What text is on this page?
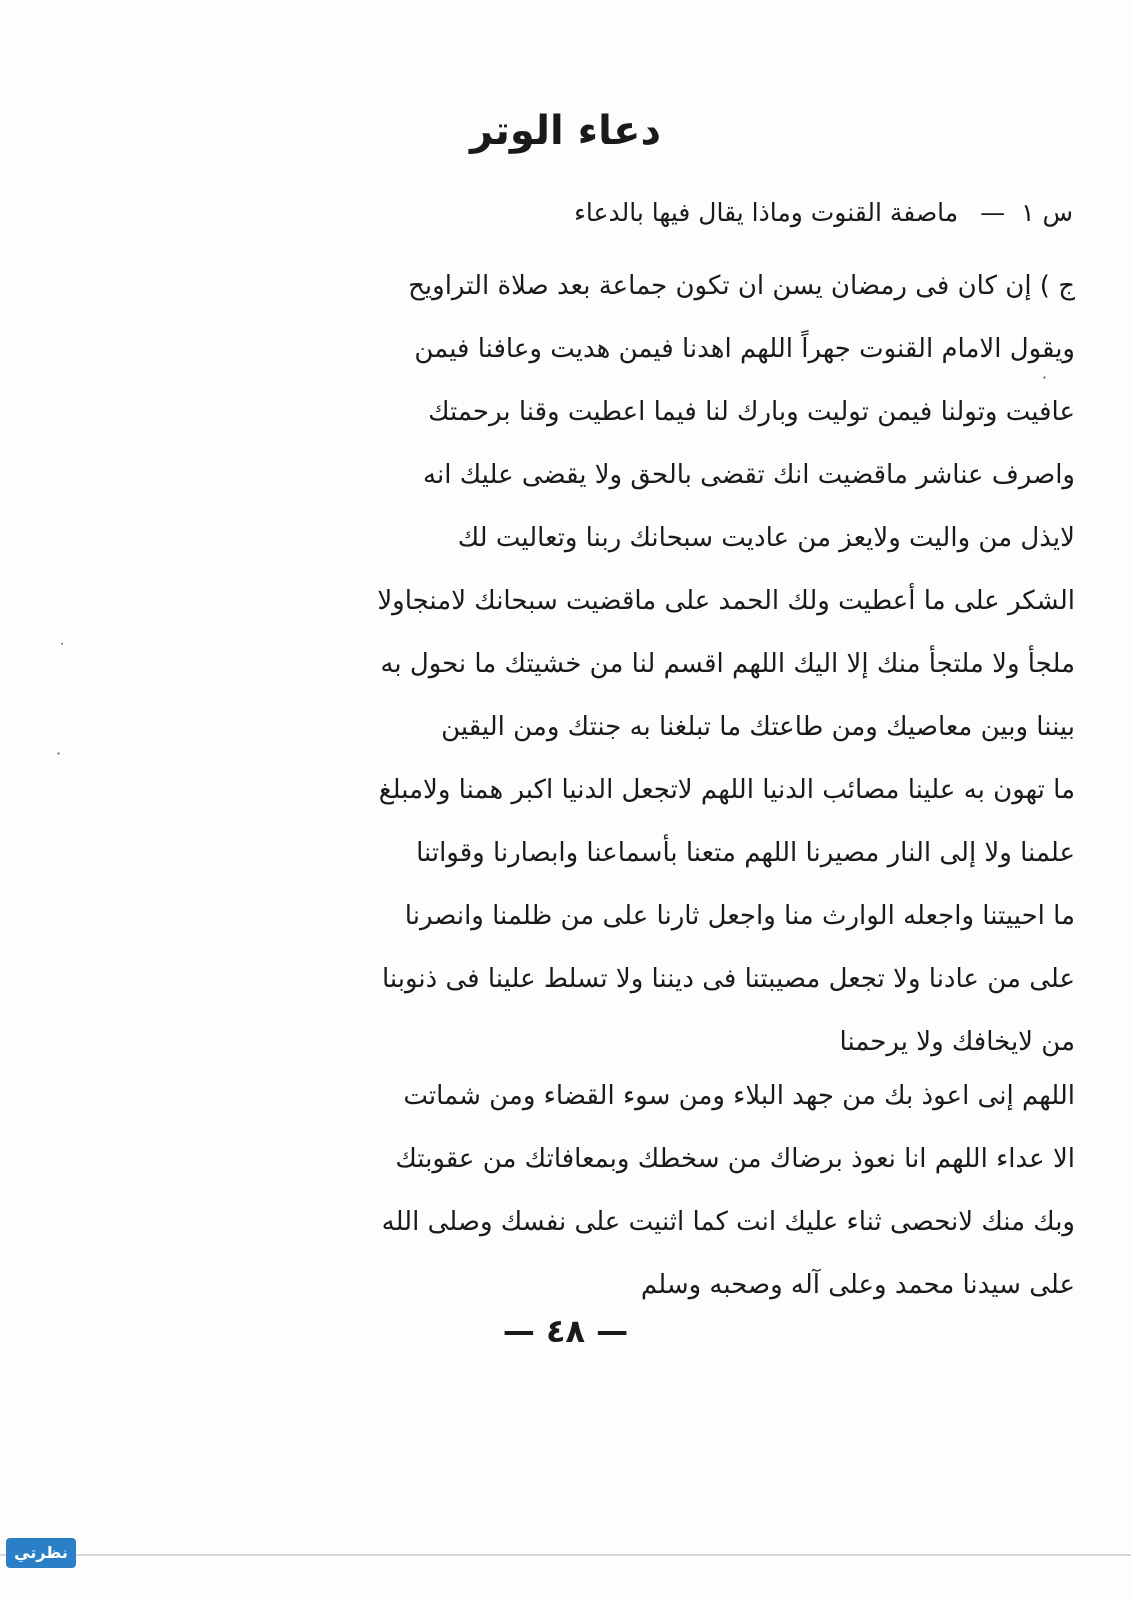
دعاء الوتر
س ١ — ماصفة القنوت وماذا يقال فيها بالدعاء
ج ) إن كان فى رمضان يسن ان تكون جماعة بعد صلاة التراويح
ويقول الامام القنوت جهراً اللهم اهدنا فيمن هديت وعافنا فيمن
عافيت وتولنا فيمن توليت وبارك لنا فيما اعطيت وقنا برحمتك
واصرف عناشر ماقضيت انك تقضى بالحق ولا يقضى عليك انه
لايذل من واليت ولايعز من عاديت سبحانك ربنا وتعاليت لك
الشكر على ما أعطيت ولك الحمد على ماقضيت سبحانك لامنجاولا
ملجأ ولا ملتجأ منك إلا اليك اللهم اقسم لنا من خشيتك ما نحول به
بيننا وبين معاصيك ومن طاعتك ما تبلغنا به جنتك ومن اليقين
ما تهون به علينا مصائب الدنيا اللهم لاتجعل الدنيا اكبر همنا ولامبلغ
علمنا ولا إلى النار مصيرنا اللهم متعنا بأسماعنا وابصارنا وقواتنا
ما احييتنا واجعله الوارث منا واجعل ثارنا على من ظلمنا وانصرنا
على من عادنا ولا تجعل مصيبتنا فى ديننا ولا تسلط علينا فى ذنوبنا
من لايخافك ولا يرحمنا
اللهم إنى اعوذ بك من جهد البلاء ومن سوء القضاء ومن شماتت
الا عداء اللهم انا نعوذ برضاك من سخطك وبمعافاتك من عقوبتك
وبك منك لانحصى ثناء عليك انت كما اثنيت على نفسك وصلى الله
على سيدنا محمد وعلى آله وصحبه وسلم
— ٤٨ —
˙
·
·
نظرتي
